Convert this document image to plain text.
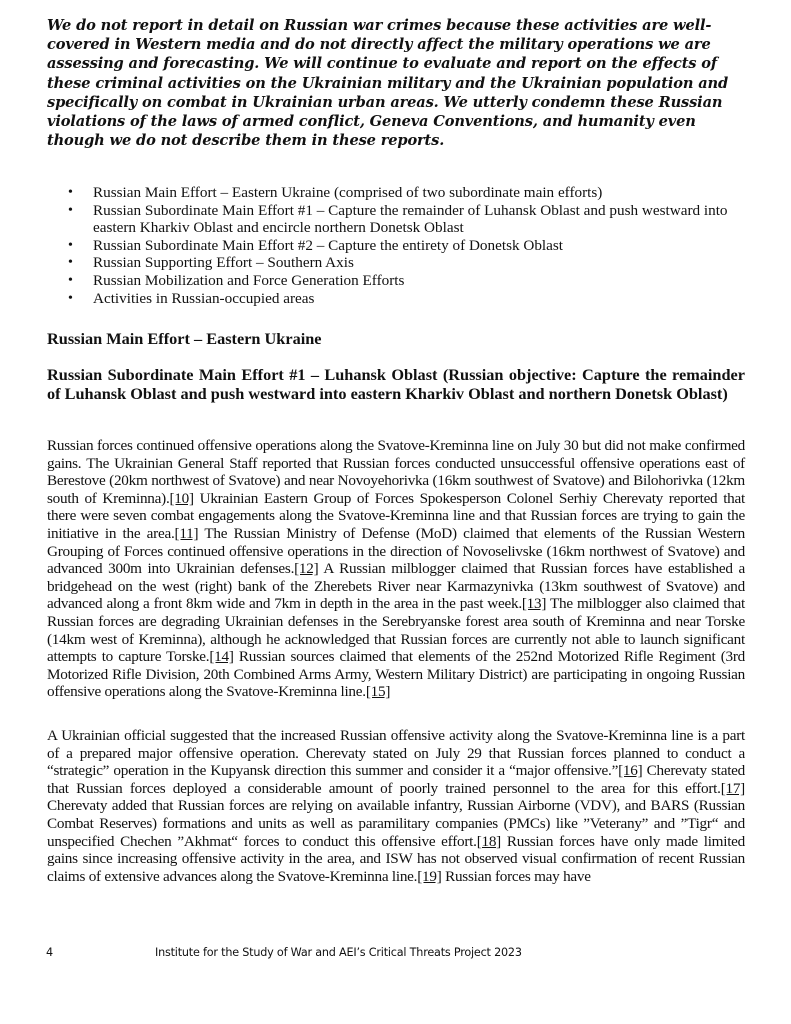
We do not report in detail on Russian war crimes because these activities are well-covered in Western media and do not directly affect the military operations we are assessing and forecasting. We will continue to evaluate and report on the effects of these criminal activities on the Ukrainian military and the Ukrainian population and specifically on combat in Ukrainian urban areas. We utterly condemn these Russian violations of the laws of armed conflict, Geneva Conventions, and humanity even though we do not describe them in these reports.

• Russian Main Effort – Eastern Ukraine (comprised of two subordinate main efforts)
• Russian Subordinate Main Effort #1 – Capture the remainder of Luhansk Oblast and push westward into eastern Kharkiv Oblast and encircle northern Donetsk Oblast
• Russian Subordinate Main Effort #2 – Capture the entirety of Donetsk Oblast
• Russian Supporting Effort – Southern Axis
• Russian Mobilization and Force Generation Efforts
• Activities in Russian-occupied areas
Russian Main Effort – Eastern Ukraine
Russian Subordinate Main Effort #1 – Luhansk Oblast (Russian objective: Capture the remainder of Luhansk Oblast and push westward into eastern Kharkiv Oblast and northern Donetsk Oblast)

Russian forces continued offensive operations along the Svatove-Kreminna line on July 30 but did not make confirmed gains. The Ukrainian General Staff reported that Russian forces conducted unsuccessful offensive operations east of Berestove (20km northwest of Svatove) and near Novoyehorivka (16km southwest of Svatove) and Bilohorivka (12km south of Kreminna).[10] Ukrainian Eastern Group of Forces Spokesperson Colonel Serhiy Cherevaty reported that there were seven combat engagements along the Svatove-Kreminna line and that Russian forces are trying to gain the initiative in the area.[11] The Russian Ministry of Defense (MoD) claimed that elements of the Russian Western Grouping of Forces continued offensive operations in the direction of Novoselivske (16km northwest of Svatove) and advanced 300m into Ukrainian defenses.[12] A Russian milblogger claimed that Russian forces have established a bridgehead on the west (right) bank of the Zherebets River near Karmazynivka (13km southwest of Svatove) and advanced along a front 8km wide and 7km in depth in the area in the past week.[13] The milblogger also claimed that Russian forces are degrading Ukrainian defenses in the Serebryanske forest area south of Kreminna and near Torske (14km west of Kreminna), although he acknowledged that Russian forces are currently not able to launch significant attempts to capture Torske.[14] Russian sources claimed that elements of the 252nd Motorized Rifle Regiment (3rd Motorized Rifle Division, 20th Combined Arms Army, Western Military District) are participating in ongoing Russian offensive operations along the Svatove-Kreminna line.[15]

A Ukrainian official suggested that the increased Russian offensive activity along the Svatove-Kreminna line is a part of a prepared major offensive operation. Cherevaty stated on July 29 that Russian forces planned to conduct a “strategic” operation in the Kupyansk direction this summer and consider it a “major offensive.”[16] Cherevaty stated that Russian forces deployed a considerable amount of poorly trained personnel to the area for this effort.[17] Cherevaty added that Russian forces are relying on available infantry, Russian Airborne (VDV), and BARS (Russian Combat Reserves) formations and units as well as paramilitary companies (PMCs) like ”Veterany” and ”Tigr“ and unspecified Chechen ”Akhmat“ forces to conduct this offensive effort.[18] Russian forces have only made limited gains since increasing offensive activity in the area, and ISW has not observed visual confirmation of recent Russian claims of extensive advances along the Svatove-Kreminna line.[19] Russian forces may have

4	Institute for the Study of War and AEI’s Critical Threats Project 2023
